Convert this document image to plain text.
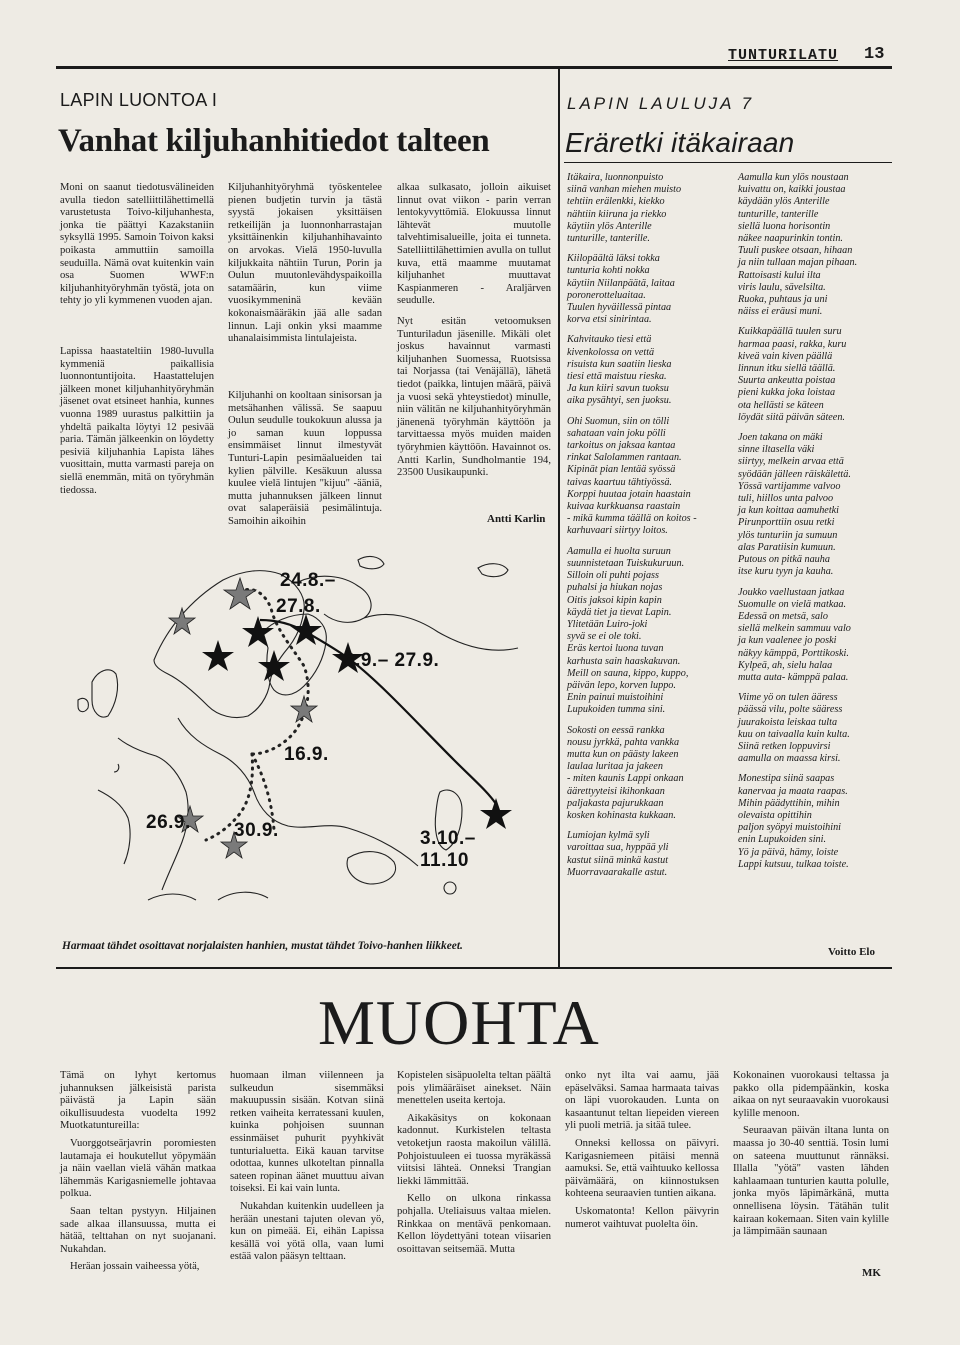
TUNTURILATU 13
LAPIN LUONTOA I
Vanhat kiljuhanhitiedot talteen

Moni on saanut tiedotusvälineiden avulla tiedon satelliittilähettimellä varustetusta Toivo-kiljuhanhesta, jonka tie päättyi Kazakstaniin syksyllä 1995. Samoin Toivon kaksi poikasta ammuttiin samoilla seuduilla. Nämä ovat kuitenkin vain osa Suomen WWF:n kiljuhanhityöryhmän työstä, jota on tehty jo yli kymmenen vuoden ajan.

Lapissa haastateltiin 1980-luvulla kymmeniä paikallisia luonnontuntijoita. Haastattelujen jälkeen monet kiljuhanhityöryhmän jäsenet ovat etsineet hanhia, kunnes vuonna 1989 uurastus palkittiin ja yhdeltä paikalta löytyi 12 pesivää paria. Tämän jälkeenkin on löydetty pesiviä kiljuhanhia Lapista lähes vuosittain, mutta varmasti pareja on siellä enemmän, mitä on työryhmän tiedossa.

Kiljuhanhityöryhmä työskentelee pienen budjetin turvin ja tästä syystä jokaisen yksittäisen retkeilijän ja luonnonharrastajan yksittäinenkin kiljuhanhihavainto on arvokas. Vielä 1950-luvulla kiljukkaita nähtiin Turun, Porin ja Oulun muutonlevähdyspaikoilla satamäärin, kun viime vuosikymmeninä kevään kokonaismääräkin jää alle sadan linnun. Laji onkin yksi maamme uhanalaisimmista lintulajeista.

Kiljuhanhi on kooltaan sinisorsan ja metsähanhen välissä. Se saapuu Oulun seudulle toukokuun alussa ja jo saman kuun loppussa ensimmäiset linnut ilmestyvät Tunturi-Lapin pesimäalueiden tai kylien pälville. Kesäkuun alussa kuulee vielä lintujen "kijuu" -ääniä, mutta juhannuksen jälkeen linnut ovat salaperäisiä pesimälintuja. Samoihin aikoihin

alkaa sulkasato, jolloin aikuiset linnut ovat viikon - parin verran lentokyvyttömiä. Elokuussa linnut lähtevät muutolle talvehtimisalueille, joita ei tunneta. Satelliittilähettimien avulla on tullut kuva, että maamme muutamat kiljuhanhet muuttavat Kaspianmeren - Araljärven seudulle.

Nyt esitän vetoomuksen Tunturiladun jäsenille. Mikäli olet joskus havainnut varmasti kiljuhanhen Suomessa, Ruotsissa tai Norjassa (tai Venäjällä), lähetä tiedot (paikka, lintujen määrä, päivä ja vuosi sekä yhteystiedot) minulle, niin välitän ne kiljuhanhityöryhmän jänenenä työryhmän käyttöön ja tarvittaessa myös muiden maiden työryhmien käyttöön. Havainnot os. Antti Karlin, Sundholmantie 194, 23500 Uusikaupunki.

Antti Karlin
24.8.–
27.8.
3.9.– 27.9.
16.9.
26.9. 30.9.	3.10.–
11.10
Harmaat tähdet osoittavat norjalaisten hanhien, mustat tähdet Toivo-hanhen liikkeet.
LAPIN LAULUJA 7
Eräretki itäkairaan

Itäkaira, luonnonpuisto
siinä vanhan miehen muisto
tehtiin erälenkki, kiekko
nähtiin kiiruna ja riekko
käytiin ylös Anterille
tunturille, tanterille.

Kiilopäältä läksi tokka
tunturia kohti nokka
käytiin Niilanpäätä, laitaa
poronerotteluaitaa.
Tuulen hyväillessä pintaa
korva etsi sinirintaa.

Kahvitauko tiesi että
kivenkolossa on vettä
risuista kun saatiin lieska
tiesi että maistuu rieska.
Ja kun kiiri savun tuoksu
aika pysähtyi, sen juoksu.

Ohi Suomun, siin on tölli
sahataan vain joku pölli
tarkoitus on jaksaa kantaa
rinkat Salolammen rantaan.
Kipinät pian lentää syössä
taivas kaartuu tähtiyössä.
Korppi huutaa jotain haastain
kuivaa kurkkuansa raastain
- mikä kumma täällä on koitos -
karhuvaari siirtyy loitos.

Aamulla ei huolta suruun
suunnistetaan Tuiskukuruun.
Silloin oli puhti pojass
puhalsi ja hiukan nojas
Oitis jaksoi kipin kapin
käydä tiet ja tievat Lapin.
Ylitetään Luiro-joki
syvä se ei ole toki.
Eräs kertoi luona tuvan
karhusta sain haaskakuvan.
Meill on sauna, kippo, kuppo,
päivän lepo, korven luppo.
Enin painui muistoihini
Lupukoiden tumma sini.

Sokosti on eessä rankka
nousu jyrkkä, pahta vankka
mutta kun on päästy lakeen
laulaa luritaa ja jakeen
- miten kaunis Lappi onkaan
äärettyyteisi ikihonkaan
paljakasta pajurukkaan
kosken kohinasta kukkaan.

Lumiojan kylmä syli
varoittaa sua, hyppää yli
kastut siinä minkä kastut
Muorravaarakalle astut.

Aamulla kun ylös noustaan
kuivattu on, kaikki joustaa
käydään ylös Anterille
tunturille, tanterille
siellä luona horisontin
näkee naapurinkin tontin.
Tuuli puskee otsaan, hihaan
ja niin tullaan majan pihaan.
Rattoisasti kului ilta
viris laulu, sävelsilta.
Ruoka, puhtaus ja uni
näiss ei eräusi muni.

Kuikkapäällä tuulen suru
harmaa paasi, rakka, kuru
kiveä vain kiven päällä
linnun itku siellä täällä.
Suurta ankeutta poistaa
pieni kukka joka loistaa
ota hellästi se käteen
löydät siitä päivän säteen.

Joen takana on mäki
sinne iltasella väki
siirtyy, melkein arvaa että
syödään jälleen räiskälettä.
Yössä vartijamme valvoo
tuli, hiillos unta palvoo
ja kun koittaa aamuhetki
Pirunporttiin osuu retki
ylös tunturiin ja sumuun
alas Paratiisin kumuun.
Putous on pitkä nauha
itse kuru tyyn ja kauha.

Joukko vaellustaan jatkaa
Suomulle on vielä matkaa.
Edessä on metsä, salo
siellä melkein sammuu valo
ja kun vaalenee jo poski
näkyy kämppä, Porttikoski.
Kylpeä, ah, sielu halaa
mutta auta- kämppä palaa.

Viime yö on tulen ääress
päässä vilu, polte sääress
juurakoista leiskaa tulta
kuu on taivaalla kuin kulta.
Siinä retken loppuvirsi
aamulla on maassa kirsi.

Monestipa siinä saapas
kanervaa ja maata raapas.
Mihin päädyttihin, mihin
olevaista opittihin
paljon syöpyi muistoihini
enin Lupukoiden sini.
Yö ja päivä, hämy, loiste
Lappi kutsuu, tulkaa toiste.

Voitto Elo
MUOHTA

Tämä on lyhyt kertomus juhannuksen jälkeisistä parista päivästä ja Lapin sään oikullisuudesta vuodelta 1992 Muotkatuntureilla:

Vuorggotseärjavrin poromiesten lautamaja ei houkutellut yöpymään ja näin vaellan vielä vähän matkaa lähemmäs Karigasniemelle johtavaa polkua.

Saan teltan pystyyn. Hiljainen sade alkaa illansuussa, mutta ei hätää, telttahan on nyt suojanani. Nukahdan.

Heräan jossain vaiheessa yötä,

huomaan ilman viilenneen ja sulkeudun sisemmäksi makuupussin sisään. Kotvan siinä retken vaiheita kerratessani kuulen, kuinka pohjoisen suunnan essinmäiset puhurit pyyhkivät tunturialuetta. Eikä kauan tarvitse odottaa, kunnes ulkoteltan pinnalla sateen ropinan äänet muuttuu aivan toiseksi. Ei kai vain lunta.

Nukahdan kuitenkin uudelleen ja herään unestani tajuten olevan yö, kun on pimeää. Ei, eihän Lapissa kesällä voi yötä olla, vaan lumi estää valon pääsyn telttaan.

Kopistelen sisäpuolelta teltan päältä pois ylimääräiset ainekset. Näin menettelen useita kertoja.

Aikakäsitys on kokonaan kadonnut. Kurkistelen teltasta vetoketjun raosta makoilun välillä. Pohjoistuuleen ei tuossa myräkässä viitsisi lähteä. Onneksi Trangian liekki lämmittää.

Kello on ulkona rinkassa pohjalla. Uteliaisuus valtaa mielen. Rinkkaa on mentävä penkomaan. Kellon löydettyäni totean viisarien osoittavan seitsemää. Mutta

onko nyt ilta vai aamu, jää epäselväksi. Samaa harmaata taivas on läpi vuorokauden. Lunta on kasaantunut teltan liepeiden viereen yli puoli metriä. ja sitää tulee.

Onneksi kellossa on päivyri. Karigasniemeen pitäisi mennä aamuksi. Se, että vaihtuuko kellossa päivämäärä, on kiinnostuksen kohteena seuraavien tuntien aikana.

Uskomatonta! Kellon päivyrin numerot vaihtuvat puolelta öin.

Kokonainen vuorokausi teltassa ja pakko olla pidempäänkin, koska aikaa on nyt seuraavakin vuorokausi kylille menoon.

Seuraavan päivän iltana lunta on maassa jo 30-40 senttiä. Tosin lumi on sateena muuttunut rännäksi. Illalla "yötä" vasten lähden kahlaamaan tunturien kautta polulle, jonka myös läpimärkänä, mutta onnellisena löysin. Tätähän tulit kairaan kokemaan. Siten vain kylille ja lämpimään saunaan

MK
